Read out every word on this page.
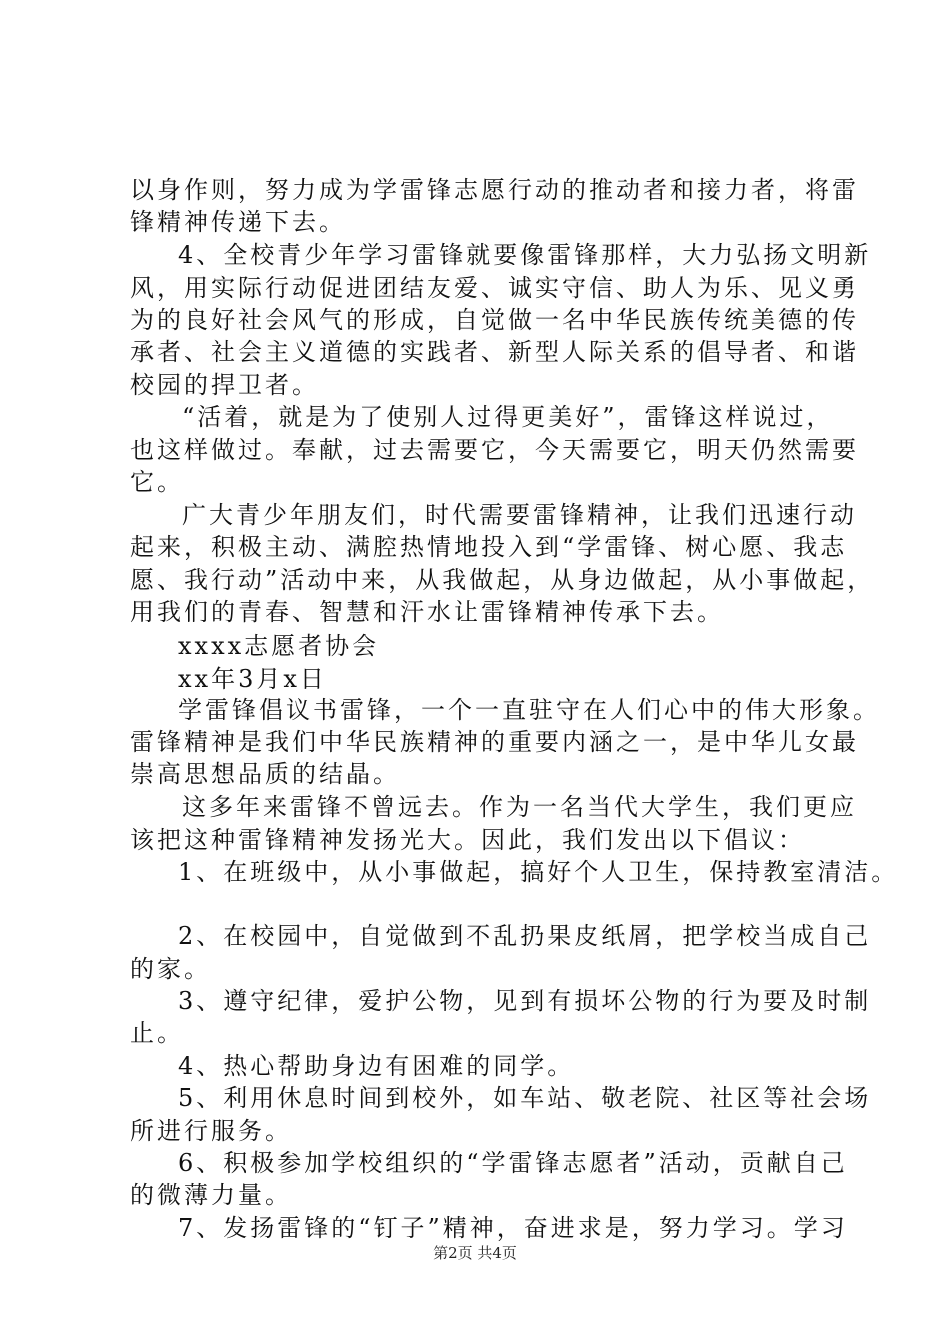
以身作则，努力成为学雷锋志愿行动的推动者和接力者，将雷
锋精神传递下去。
4、全校青少年学习雷锋就要像雷锋那样，大力弘扬文明新
风，用实际行动促进团结友爱、诚实守信、助人为乐、见义勇
为的良好社会风气的形成，自觉做一名中华民族传统美德的传
承者、社会主义道德的实践者、新型人际关系的倡导者、和谐
校园的捍卫者。
“活着，就是为了使别人过得更美好”，雷锋这样说过，
也这样做过。奉献，过去需要它，今天需要它，明天仍然需要
它。
广大青少年朋友们，时代需要雷锋精神，让我们迅速行动
起来，积极主动、满腔热情地投入到“学雷锋、树心愿、我志
愿、我行动”活动中来，从我做起，从身边做起，从小事做起，
用我们的青春、智慧和汗水让雷锋精神传承下去。
xxxx志愿者协会
xx年3月x日
学雷锋倡议书雷锋，一个一直驻守在人们心中的伟大形象。
雷锋精神是我们中华民族精神的重要内涵之一，是中华儿女最
崇高思想品质的结晶。
这多年来雷锋不曾远去。作为一名当代大学生，我们更应
该把这种雷锋精神发扬光大。因此，我们发出以下倡议：
1、在班级中，从小事做起，搞好个人卫生，保持教室清洁。
2、在校园中，自觉做到不乱扔果皮纸屑，把学校当成自己
的家。
3、遵守纪律，爱护公物，见到有损坏公物的行为要及时制
止。
4、热心帮助身边有困难的同学。
5、利用休息时间到校外，如车站、敬老院、社区等社会场
所进行服务。
6、积极参加学校组织的“学雷锋志愿者”活动，贡献自己
的微薄力量。
7、发扬雷锋的“钉子”精神，奋进求是，努力学习。学习
第2页 共4页
